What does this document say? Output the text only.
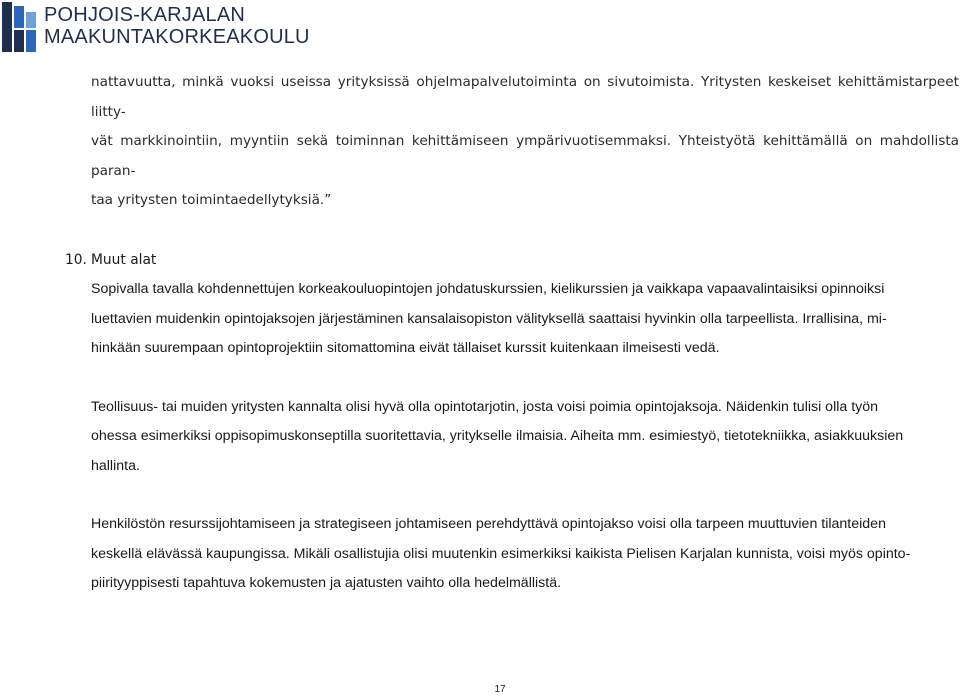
POHJOIS-KARJALAN
MAAKUNTAKORKEAKOULU

nattavuutta, minkä vuoksi useissa yrityksissä ohjelmapalvelutoiminta on sivutoimista. Yritysten keskeiset kehittämistarpeet liitty-
vät markkinointiin, myyntiin sekä toiminnan kehittämiseen ympärivuotisemmaksi. Yhteistyötä kehittämällä on mahdollista paran-
taa yritysten toimintaedellytyksiä.”

10. Muut alat

Sopivalla tavalla kohdennettujen korkeakouluopintojen johdatuskurssien, kielikurssien ja vaikkapa vapaavalintaisiksi opinnoiksi
luettavien muidenkin opintojaksojen järjestäminen kansalaisopiston välityksellä saattaisi hyvinkin olla tarpeellista. Irrallisina, mi-
hinkään suurempaan opintoprojektiin sitomattomina eivät tällaiset kurssit kuitenkaan ilmeisesti vedä.

Teollisuus- tai muiden yritysten kannalta olisi hyvä olla opintotarjotin, josta voisi poimia opintojaksoja. Näidenkin tulisi olla työn
ohessa esimerkiksi oppisopimuskonseptilla suoritettavia, yritykselle ilmaisia. Aiheita mm. esimiestyö, tietotekniikka, asiakkuuksien
hallinta.

Henkilöstön resurssijohtamiseen ja strategiseen johtamiseen perehdyttävä opintojakso voisi olla tarpeen muuttuvien tilanteiden
keskellä elävässä kaupungissa. Mikäli osallistujia olisi muutenkin esimerkiksi kaikista Pielisen Karjalan kunnista, voisi myös opinto-
piirityyppisesti tapahtuva kokemusten ja ajatusten vaihto olla hedelmällistä.

17
